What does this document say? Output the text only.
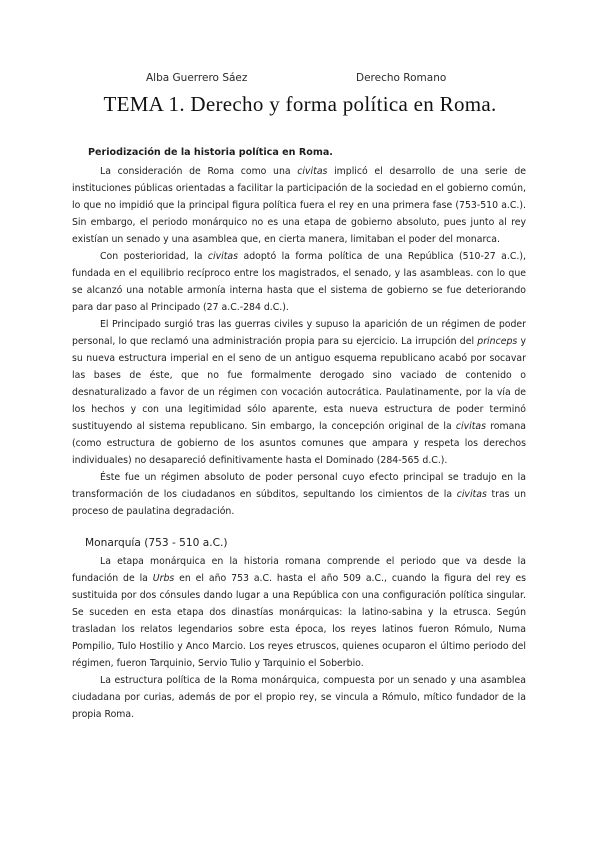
Alba Guerrero Sáez	Derecho Romano
TEMA 1. Derecho y forma política en Roma.
Periodización de la historia política en Roma.

La consideración de Roma como una civitas implicó el desarrollo de una serie de instituciones públicas orientadas a facilitar la participación de la sociedad en el gobierno común, lo que no impidió que la principal figura política fuera el rey en una primera fase (753-510 a.C.). Sin embargo, el periodo monárquico no es una etapa de gobierno absoluto, pues junto al rey existían un senado y una asamblea que, en cierta manera, limitaban el poder del monarca.

Con posterioridad, la civitas adoptó la forma política de una República (510-27 a.C.), fundada en el equilibrio recíproco entre los magistrados, el senado, y las asambleas. con lo que se alcanzó una notable armonía interna hasta que el sistema de gobierno se fue deteriorando para dar paso al Principado (27 a.C.-284 d.C.).

El Principado surgió tras las guerras civiles y supuso la aparición de un régimen de poder personal, lo que reclamó una administración propia para su ejercicio. La irrupción del princeps y su nueva estructura imperial en el seno de un antiguo esquema republicano acabó por socavar las bases de éste, que no fue formalmente derogado sino vaciado de contenido o desnaturalizado a favor de un régimen con vocación autocrática. Paulatinamente, por la vía de los hechos y con una legitimidad sólo aparente, esta nueva estructura de poder terminó sustituyendo al sistema republicano. Sin embargo, la concepción original de la civitas romana (como estructura de gobierno de los asuntos comunes que ampara y respeta los derechos individuales) no desapareció definitivamente hasta el Dominado (284-565 d.C.).

Éste fue un régimen absoluto de poder personal cuyo efecto principal se tradujo en la transformación de los ciudadanos en súbditos, sepultando los cimientos de la civitas tras un proceso de paulatina degradación.

Monarquía (753 - 510 a.C.)

La etapa monárquica en la historia romana comprende el periodo que va desde la fundación de la Urbs en el año 753 a.C. hasta el año 509 a.C., cuando la figura del rey es sustituida por dos cónsules dando lugar a una República con una configuración política singular. Se suceden en esta etapa dos dinastías monárquicas: la latino-sabina y la etrusca. Según trasladan los relatos legendarios sobre esta época, los reyes latinos fueron Rómulo, Numa Pompilio, Tulo Hostilio y Anco Marcio. Los reyes etruscos, quienes ocuparon el último periodo del régimen, fueron Tarquinio, Servio Tulio y Tarquinio el Soberbio.

La estructura política de la Roma monárquica, compuesta por un senado y una asamblea ciudadana por curias, además de por el propio rey, se vincula a Rómulo, mítico fundador de la propia Roma.
